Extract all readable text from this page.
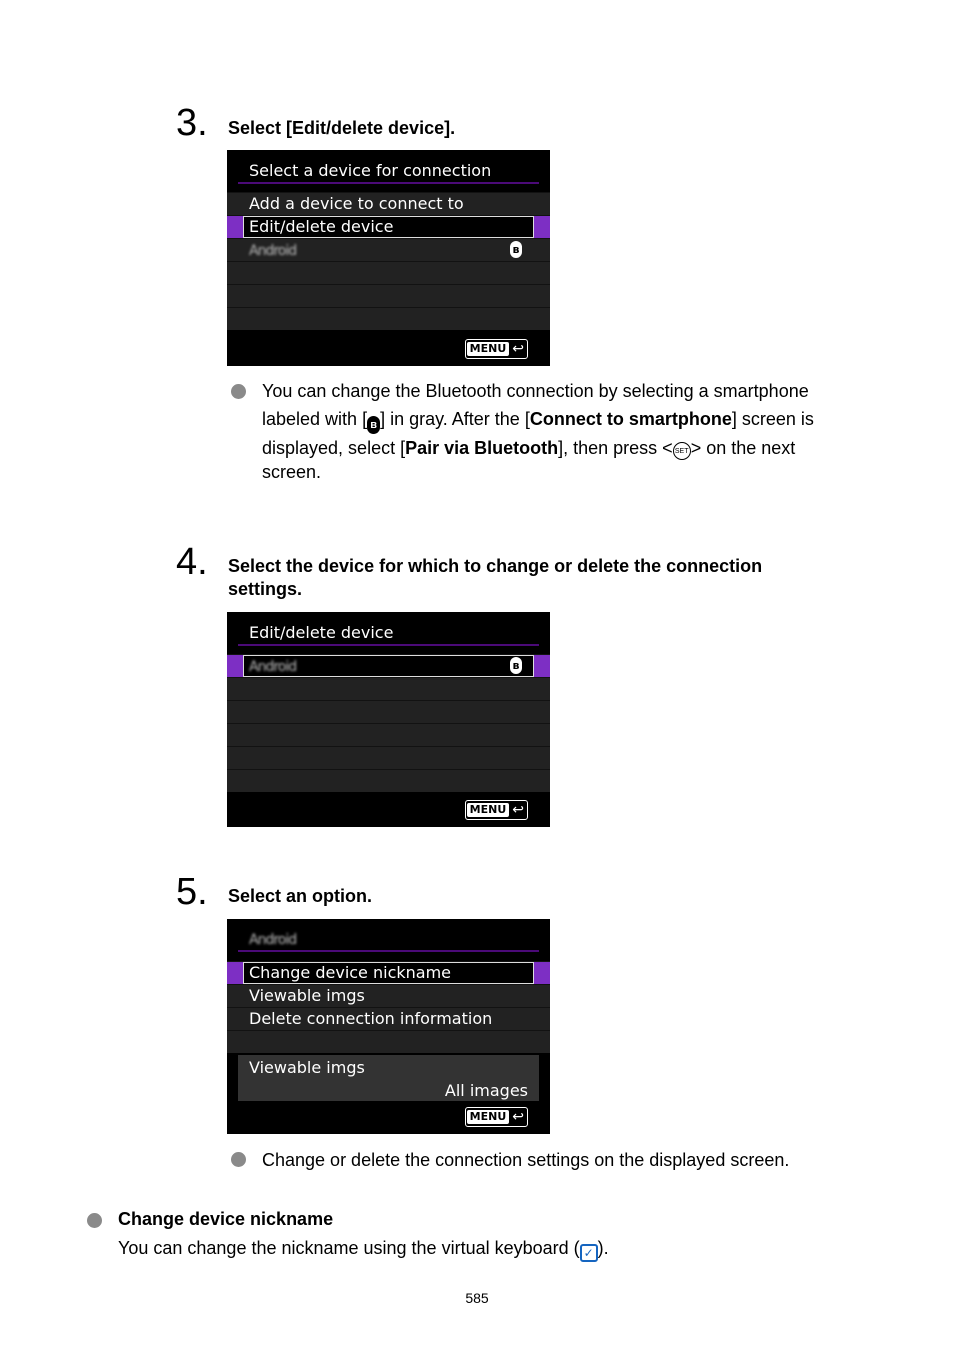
3. Select [Edit/delete device].
Select a device for connection
Add a device to connect to
Edit/delete device
Android	ʙ
MENU ↩
You can change the Bluetooth connection by selecting a smartphone
labeled with [ ʙ ] in gray. After the [Connect to smartphone] screen is
displayed, select [Pair via Bluetooth], then press < SET > on the next
screen.
4. Select the device for which to change or delete the connection
settings.
Edit/delete device
Android	ʙ
MENU ↩
5. Select an option.
Android
Change device nickname
Viewable imgs
Delete connection information
Viewable imgs
All images
MENU ↩
Change or delete the connection settings on the displayed screen.
Change device nickname
You can change the nickname using the virtual keyboard ( ✓ ).
585
